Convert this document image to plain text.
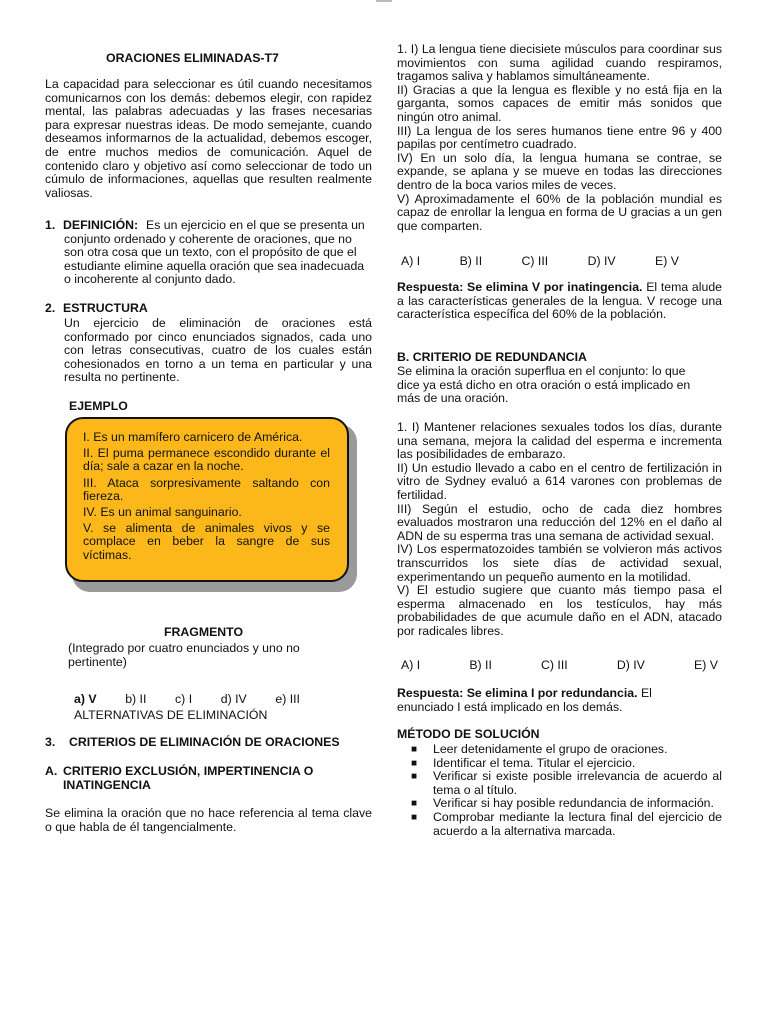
ORACIONES ELIMINADAS-T7

La capacidad para seleccionar es útil cuando necesitamos comunicarnos con los demás: debemos elegir, con rapidez mental, las palabras adecuadas y las frases necesarias para expresar nuestras ideas. De modo semejante, cuando deseamos informarnos de la actualidad, debemos escoger, de entre muchos medios de comunicación. Aquel de contenido claro y objetivo así como seleccionar de todo un cúmulo de informaciones, aquellas que resulten realmente valiosas.

1. DEFINICIÓN: Es un ejercicio en el que se presenta un conjunto ordenado y coherente de oraciones, que no son otra cosa que un texto, con el propósito de que el estudiante elimine aquella oración que sea inadecuada o incoherente al conjunto dado.

2. ESTRUCTURA

Un ejercicio de eliminación de oraciones está conformado por cinco enunciados signados, cada uno con letras consecutivas, cuatro de los cuales están cohesionados en torno a un tema en particular y una resulta no pertinente.

EJEMPLO

FRAGMENTO

(Integrado por cuatro enunciados y uno no pertinente)

a) V b) II c) I d) IV e) III

ALTERNATIVAS DE ELIMINACIÓN

3. CRITERIOS DE ELIMINACIÓN DE ORACIONES

A. CRITERIO EXCLUSIÓN, IMPERTINENCIA O INATINGENCIA

Se elimina la oración que no hace referencia al tema clave o que habla de él tangencialmente.

I. Es un mamífero carnicero de América.

II. El puma permanece escondido durante el día; sale a cazar en la noche.

III. Ataca sorpresivamente saltando con fiereza.

IV. Es un animal sanguinario.

V. se alimenta de animales vivos y se complace en beber la sangre de sus víctimas.

1. I) La lengua tiene diecisiete músculos para coordinar sus movimientos con suma agilidad cuando respiramos, tragamos saliva y hablamos simultáneamente.

II) Gracias a que la lengua es flexible y no está fija en la garganta, somos capaces de emitir más sonidos que ningún otro animal.

III) La lengua de los seres humanos tiene entre 96 y 400 papilas por centímetro cuadrado.

IV) En un solo día, la lengua humana se contrae, se expande, se aplana y se mueve en todas las direcciones dentro de la boca varios miles de veces.

V) Aproximadamente el 60% de la población mundial es capaz de enrollar la lengua en forma de U gracias a un gen que comparten.

A) I	B) II	C) III	D) IV	E) V

Respuesta: Se elimina V por inatingencia. El tema alude a las características generales de la lengua. V recoge una característica específica del 60% de la población.

B. CRITERIO DE REDUNDANCIA

Se elimina la oración superflua en el conjunto: lo que dice ya está dicho en otra oración o está implicado en más de una oración.

1. I) Mantener relaciones sexuales todos los días, durante una semana, mejora la calidad del esperma e incrementa las posibilidades de embarazo.

II) Un estudio llevado a cabo en el centro de fertilización in vitro de Sydney evaluó a 614 varones con problemas de fertilidad.

III) Según el estudio, ocho de cada diez hombres evaluados mostraron una reducción del 12% en el daño al ADN de su esperma tras una semana de actividad sexual.

IV) Los espermatozoides también se volvieron más activos transcurridos los siete días de actividad sexual, experimentando un pequeño aumento en la motilidad.

V) El estudio sugiere que cuanto más tiempo pasa el esperma almacenado en los testículos, hay más probabilidades de que acumule daño en el ADN, atacado por radicales libres.

A) I	B) II	C) III	D) IV	E) V

Respuesta: Se elimina I por redundancia. El enunciado I está implicado en los demás.

MÉTODO DE SOLUCIÓN

■ Leer detenidamente el grupo de oraciones.
■ Identificar el tema. Titular el ejercicio.
■ Verificar si existe posible irrelevancia de acuerdo al tema o al título.
■ Verificar si hay posible redundancia de información.
■ Comprobar mediante la lectura final del ejercicio de acuerdo a la alternativa marcada.
